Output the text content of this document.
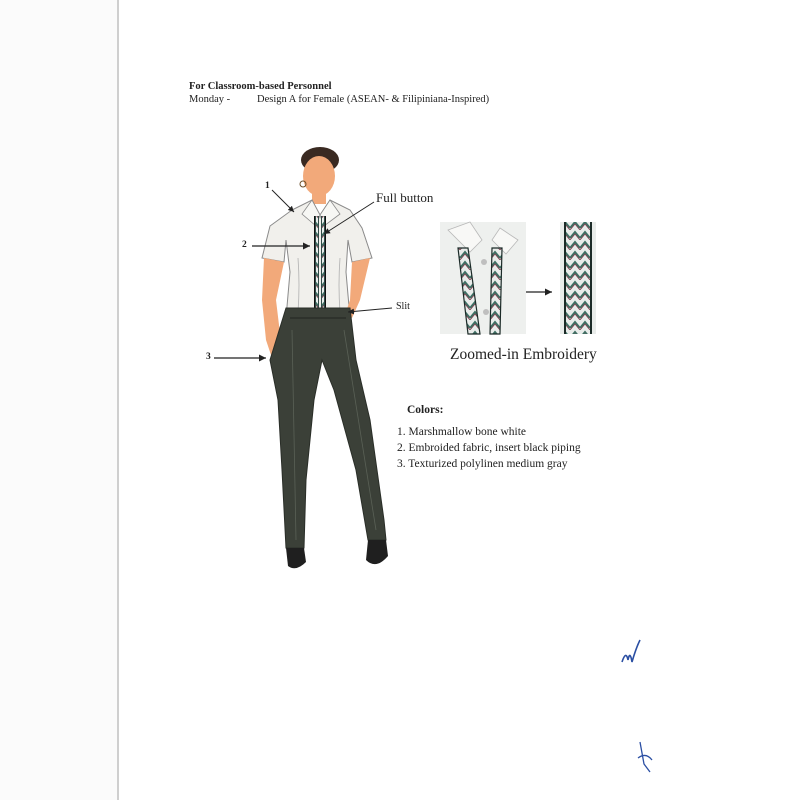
For Classroom-based Personnel
Monday -	Design A for Female (ASEAN- & Filipiniana-Inspired)
1
2
3
Full button
Slit
Zoomed-in Embroidery
Colors:
1. Marshmallow bone white
2. Embroided fabric, insert black piping
3. Texturized polylinen medium gray
